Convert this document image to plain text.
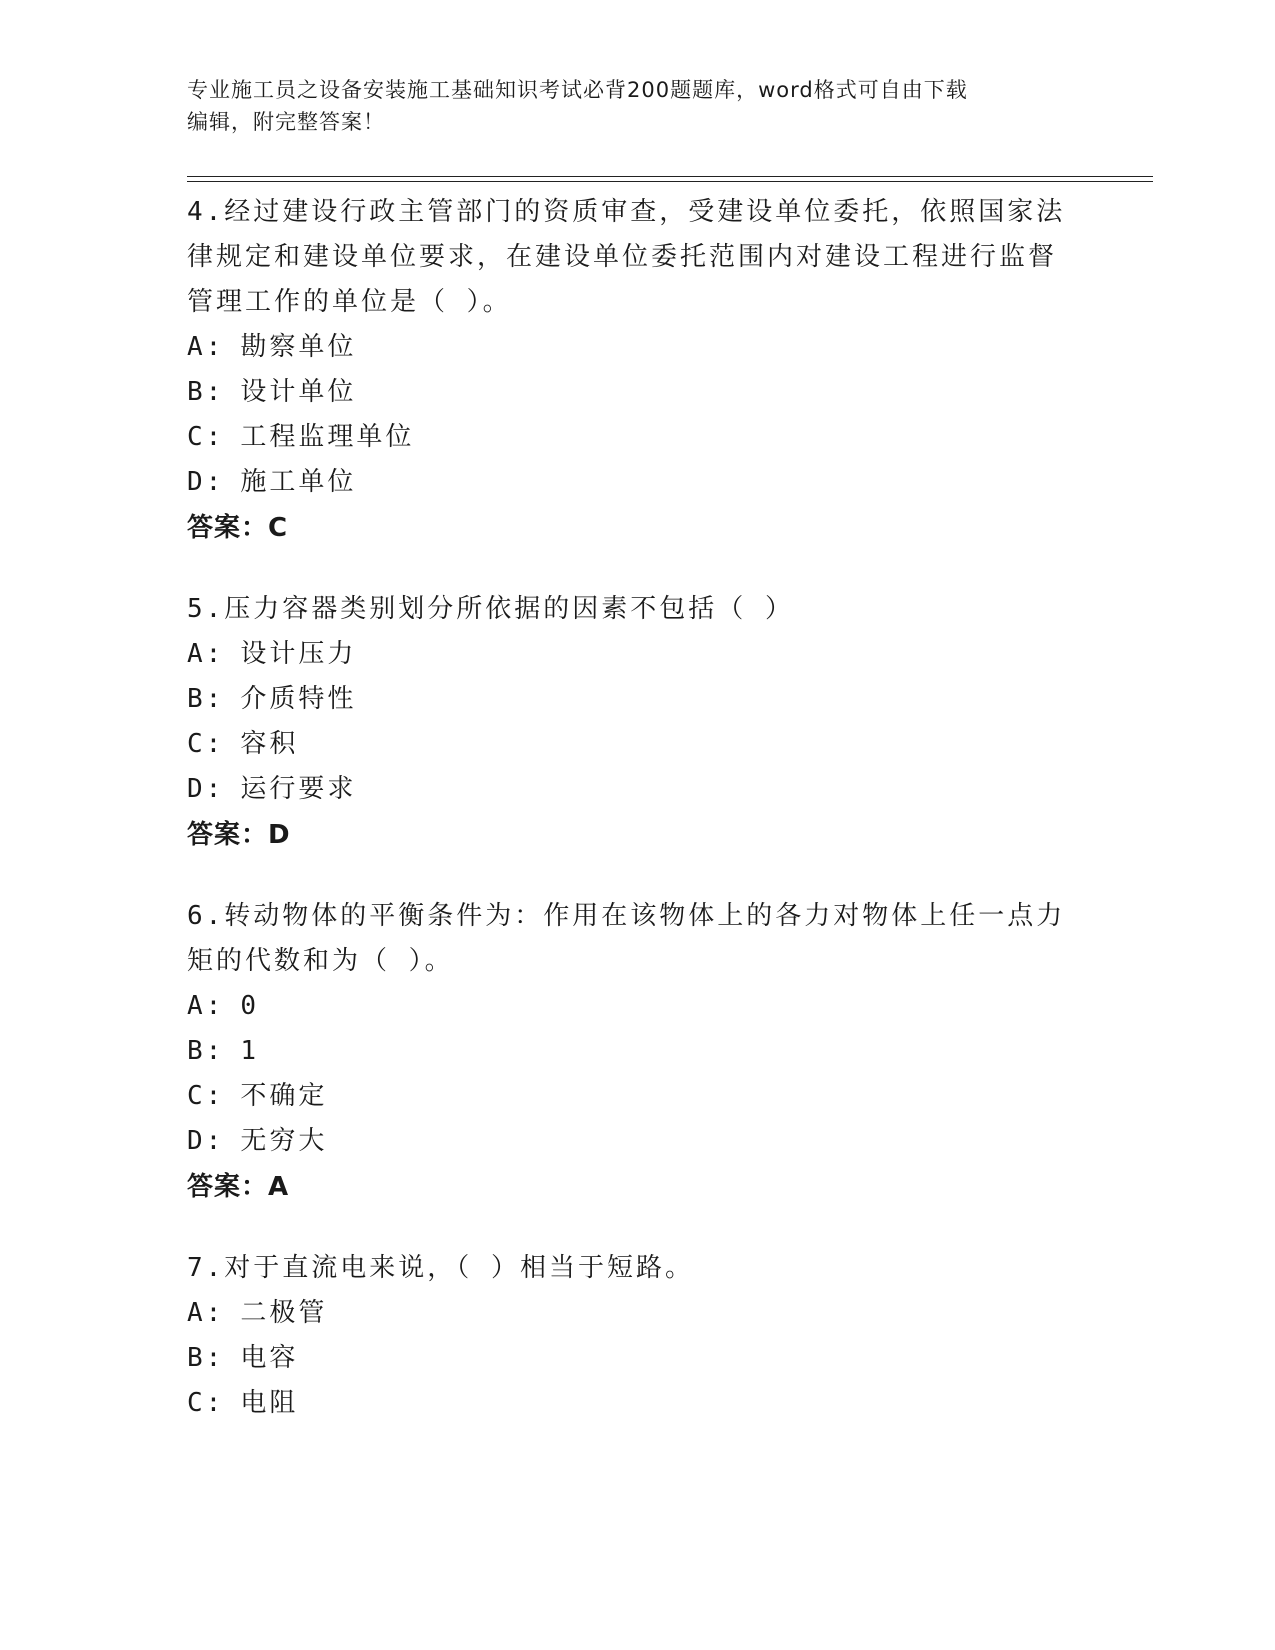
专业施工员之设备安装施工基础知识考试必背200题题库，word格式可自由下载
编辑，附完整答案！

4.经过建设行政主管部门的资质审查，受建设单位委托，依照国家法律规定和建设单位要求，在建设单位委托范围内对建设工程进行监督管理工作的单位是（ ）。

A: 勘察单位

B: 设计单位

C: 工程监理单位

D: 施工单位

答案：C

5.压力容器类别划分所依据的因素不包括（ ）

A: 设计压力

B: 介质特性

C: 容积

D: 运行要求

答案：D

6.转动物体的平衡条件为：作用在该物体上的各力对物体上任一点力矩的代数和为（ ）。

A: 0

B: 1

C: 不确定

D: 无穷大

答案：A

7.对于直流电来说，（ ）相当于短路。

A: 二极管

B: 电容

C: 电阻
